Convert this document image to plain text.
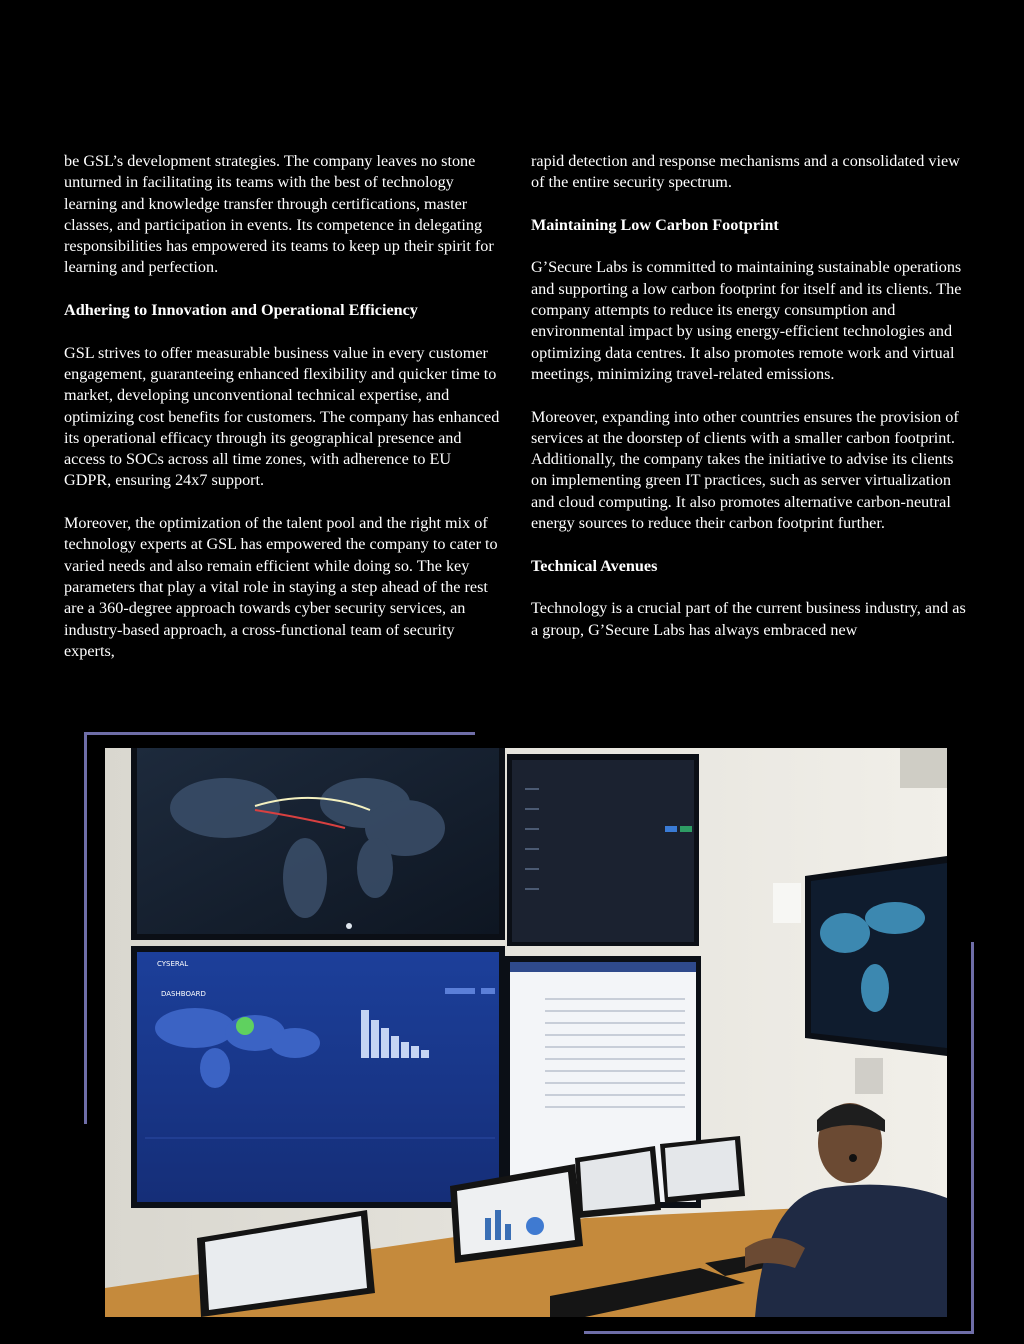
be GSL’s development strategies. The company leaves no stone unturned in facilitating its teams with the best of technology learning and knowledge transfer through certifications, master classes, and participation in events. Its competence in delegating responsibilities has empowered its teams to keep up their spirit for learning and perfection.

Adhering to Innovation and Operational Efficiency

GSL strives to offer measurable business value in every customer engagement, guaranteeing enhanced flexibility and quicker time to market, developing unconventional technical expertise, and optimizing cost benefits for customers. The company has enhanced its operational efficacy through its geographical presence and access to SOCs across all time zones, with adherence to EU GDPR, ensuring 24x7 support.

Moreover, the optimization of the talent pool and the right mix of technology experts at GSL has empowered the company to cater to varied needs and also remain efficient while doing so. The key parameters that play a vital role in staying a step ahead of the rest are a 360-degree approach towards cyber security services, an industry-based approach, a cross-functional team of security experts,

rapid detection and response mechanisms and a consolidated view of the entire security spectrum.

Maintaining Low Carbon Footprint

G’Secure Labs is committed to maintaining sustainable operations and supporting a low carbon footprint for itself and its clients. The company attempts to reduce its energy consumption and environmental impact by using energy-efficient technologies and optimizing data centres. It also promotes remote work and virtual meetings, minimizing travel-related emissions.

Moreover, expanding into other countries ensures the provision of services at the doorstep of clients with a smaller carbon footprint. Additionally, the company takes the initiative to advise its clients on implementing green IT practices, such as server virtualization and cloud computing. It also promotes alternative carbon-neutral energy sources to reduce their carbon footprint further.

Technical Avenues

Technology is a crucial part of the current business industry, and as a group, G’Secure Labs has always embraced new

CYSERAL
DASHBOARD
